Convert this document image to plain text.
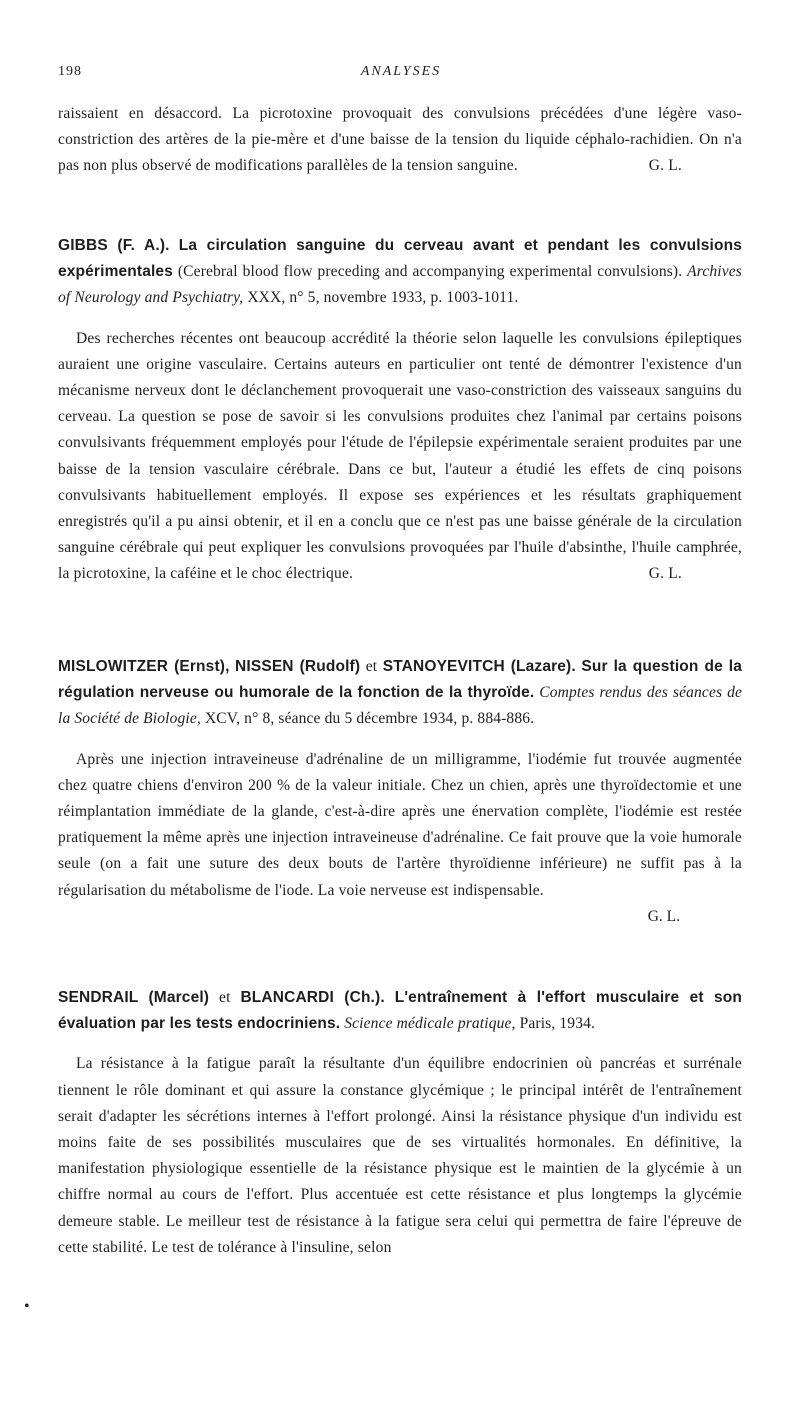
198	ANALYSES

raissaient en désaccord. La picrotoxine provoquait des convulsions précédées d'une légère vaso-constriction des artères de la pie-mère et d'une baisse de la tension du liquide céphalo-rachidien. On n'a pas non plus observé de modifications parallèles de la tension sanguine.	G. L.

GIBBS (F. A.). La circulation sanguine du cerveau avant et pendant les convulsions expérimentales (Cerebral blood flow preceding and accompanying experimental convulsions). Archives of Neurology and Psychiatry, XXX, n° 5, novembre 1933, p. 1003-1011.

Des recherches récentes ont beaucoup accrédité la théorie selon laquelle les convulsions épileptiques auraient une origine vasculaire. Certains auteurs en particulier ont tenté de démontrer l'existence d'un mécanisme nerveux dont le déclanchement provoquerait une vaso-constriction des vaisseaux sanguins du cerveau. La question se pose de savoir si les convulsions produites chez l'animal par certains poisons convulsivants fréquemment employés pour l'étude de l'épilepsie expérimentale seraient produites par une baisse de la tension vasculaire cérébrale. Dans ce but, l'auteur a étudié les effets de cinq poisons convulsivants habituellement employés. Il expose ses expériences et les résultats graphiquement enregistrés qu'il a pu ainsi obtenir, et il en a conclu que ce n'est pas une baisse générale de la circulation sanguine cérébrale qui peut expliquer les convulsions provoquées par l'huile d'absinthe, l'huile camphrée, la picrotoxine, la caféine et le choc électrique.	G. L.

MISLOWITZER (Ernst), NISSEN (Rudolf) et STANOYEVITCH (Lazare). Sur la question de la régulation nerveuse ou humorale de la fonction de la thyroïde. Comptes rendus des séances de la Société de Biologie, XCV, n° 8, séance du 5 décembre 1934, p. 884-886.

Après une injection intraveineuse d'adrénaline de un milligramme, l'iodémie fut trouvée augmentée chez quatre chiens d'environ 200 % de la valeur initiale. Chez un chien, après une thyroïdectomie et une réimplantation immédiate de la glande, c'est-à-dire après une énervation complète, l'iodémie est restée pratiquement la même après une injection intraveineuse d'adrénaline. Ce fait prouve que la voie humorale seule (on a fait une suture des deux bouts de l'artère thyroïdienne inférieure) ne suffit pas à la régularisation du métabolisme de l'iode. La voie nerveuse est indispensable.

G. L.

SENDRAIL (Marcel) et BLANCARDI (Ch.). L'entraînement à l'effort musculaire et son évaluation par les tests endocriniens. Science médicale pratique, Paris, 1934.

La résistance à la fatigue paraît la résultante d'un équilibre endocrinien où pancréas et surrénale tiennent le rôle dominant et qui assure la constance glycémique ; le principal intérêt de l'entraînement serait d'adapter les sécrétions internes à l'effort prolongé. Ainsi la résistance physique d'un individu est moins faite de ses possibilités musculaires que de ses virtualités hormonales. En définitive, la manifestation physiologique essentielle de la résistance physique est le maintien de la glycémie à un chiffre normal au cours de l'effort. Plus accentuée est cette résistance et plus longtemps la glycémie demeure stable. Le meilleur test de résistance à la fatigue sera celui qui permettra de faire l'épreuve de cette stabilité. Le test de tolérance à l'insuline, selon

•
